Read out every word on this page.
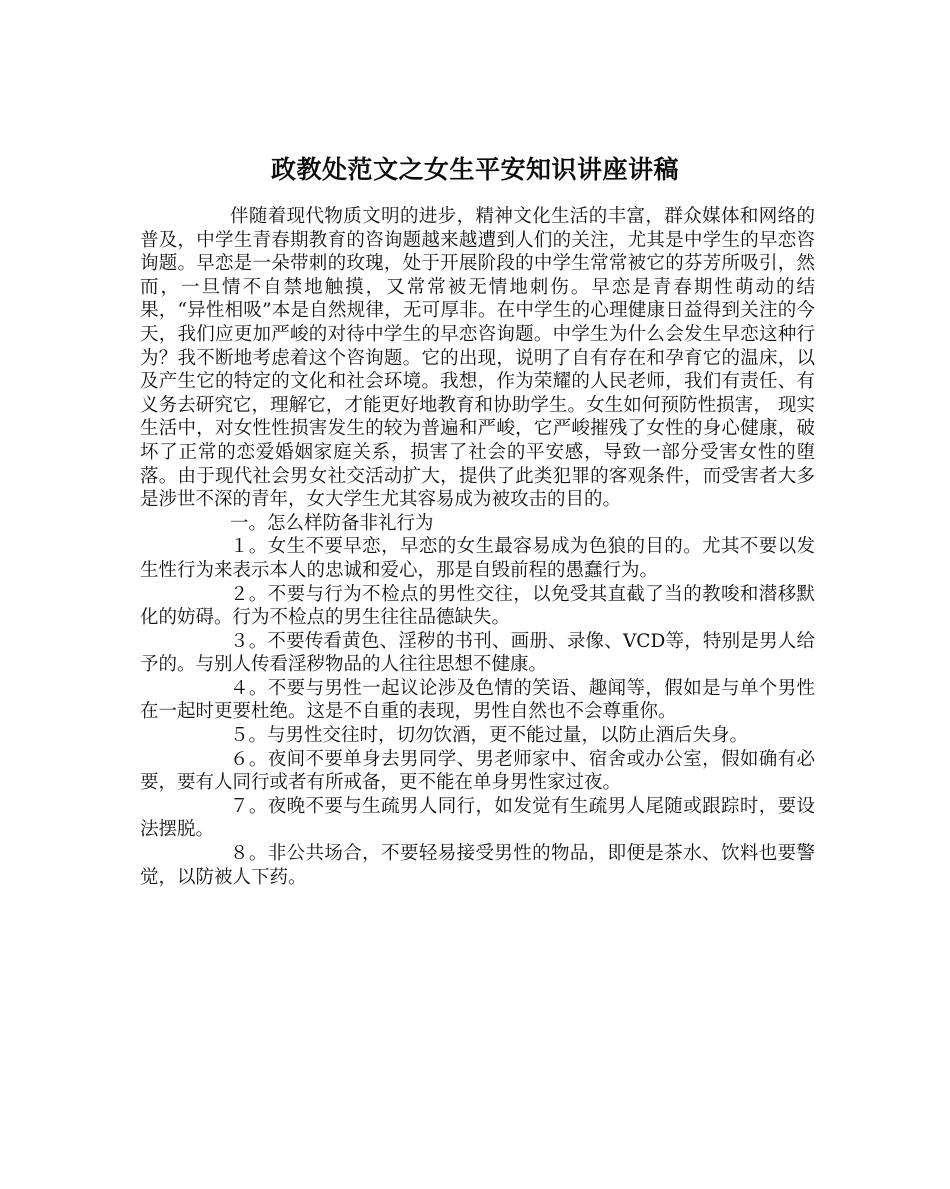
政教处范文之女生平安知识讲座讲稿

伴随着现代物质文明的进步，精神文化生活的丰富，群众媒体和网络的普及，中学生青春期教育的咨询题越来越遭到人们的关注，尤其是中学生的早恋咨询题。早恋是一朵带刺的玫瑰，处于开展阶段的中学生常常被它的芬芳所吸引，然而，一旦情不自禁地触摸，又常常被无情地刺伤。早恋是青春期性萌动的结果，“异性相吸”本是自然规律，无可厚非。在中学生的心理健康日益得到关注的今天，我们应更加严峻的对待中学生的早恋咨询题。中学生为什么会发生早恋这种行为？我不断地考虑着这个咨询题。它的出现，说明了自有存在和孕育它的温床，以及产生它的特定的文化和社会环境。我想，作为荣耀的人民老师，我们有责任、有义务去研究它，理解它，才能更好地教育和协助学生。女生如何预防性损害， 现实生活中，对女性性损害发生的较为普遍和严峻，它严峻摧残了女性的身心健康，破坏了正常的恋爱婚姻家庭关系，损害了社会的平安感，导致一部分受害女性的堕落。由于现代社会男女社交活动扩大，提供了此类犯罪的客观条件，而受害者大多是涉世不深的青年，女大学生尤其容易成为被攻击的目的。

一。怎么样防备非礼行为

１。女生不要早恋，早恋的女生最容易成为色狼的目的。尤其不要以发生性行为来表示本人的忠诚和爱心，那是自毁前程的愚蠢行为。

２。不要与行为不检点的男性交往，以免受其直截了当的教唆和潜移默化的妨碍。行为不检点的男生往往品德缺失。

３。不要传看黄色、淫秽的书刊、画册、录像、VCD等，特别是男人给予的。与别人传看淫秽物品的人往往思想不健康。

４。不要与男性一起议论涉及色情的笑语、趣闻等，假如是与单个男性在一起时更要杜绝。这是不自重的表现，男性自然也不会尊重你。

５。与男性交往时，切勿饮酒，更不能过量，以防止酒后失身。

６。夜间不要单身去男同学、男老师家中、宿舍或办公室，假如确有必要，要有人同行或者有所戒备，更不能在单身男性家过夜。

７。夜晚不要与生疏男人同行，如发觉有生疏男人尾随或跟踪时，要设法摆脱。

８。非公共场合，不要轻易接受男性的物品，即便是茶水、饮料也要警觉，以防被人下药。
